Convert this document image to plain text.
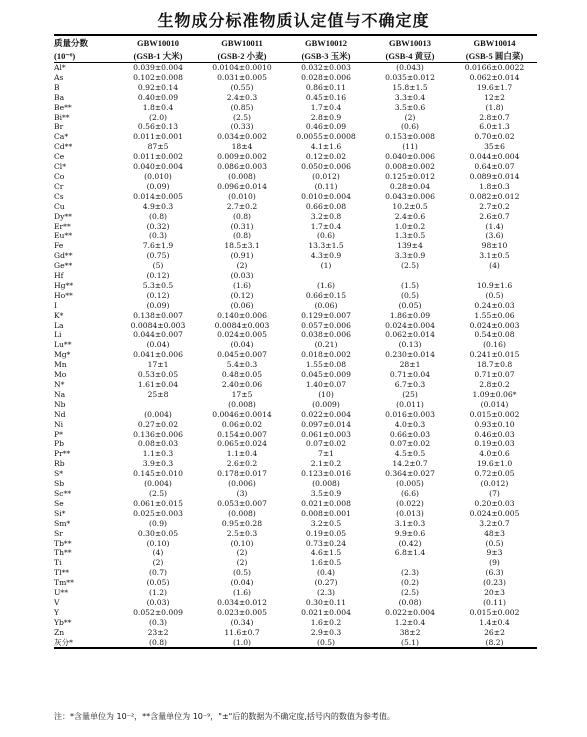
生物成分标准物质认定值与不确定度
质量分数	GBW10010	GBW10011	GBW10012	GBW10013	GBW10014
(10⁻⁶)	(GSB-1 大米)	(GSB-2 小麦)	(GSB-3 玉米)	(GSB-4 黄豆)	(GSB-5 圆白菜)
Al*	0.039±0.004	0.0104±0.0010	0.032±0.003	(0.043)	0.0166±0.0022
As	0.102±0.008	0.031±0.005	0.028±0.006	0.035±0.012	0.062±0.014
B	0.92±0.14	(0.55)	0.86±0.11	15.8±1.5	19.6±1.7
Ba	0.40±0.09	2.4±0.3	0.45±0.16	3.3±0.4	12±2
Be**	1.8±0.4	(0.85)	1.7±0.4	3.5±0.6	(1.8)
Bi**	(2.0)	(2.5)	2.8±0.9	(2)	2.8±0.7
Br	0.56±0.13	(0.33)	0.46±0.09	(0.6)	6.0±1.3
Ca*	0.011±0.001	0.034±0.002	0.0055±0.0008	0.153±0.008	0.70±0.02
Cd**	87±5	18±4	4.1±1.6	(11)	35±6
Ce	0.011±0.002	0.009±0.002	0.12±0.02	0.040±0.006	0.044±0.004
Cl*	0.040±0.004	0.086±0.003	0.050±0.006	0.008±0.002	0.64±0.07
Co	(0.010)	(0.008)	(0.012)	0.125±0.012	0.089±0.014
Cr	(0.09)	0.096±0.014	(0.11)	0.28±0.04	1.8±0.3
Cs	0.014±0.005	(0.010)	0.010±0.004	0.043±0.006	0.082±0.012
Cu	4.9±0.3	2.7±0.2	0.66±0.08	10.2±0.5	2.7±0.2
Dy**	(0.8)	(0.8)	3.2±0.8	2.4±0.6	2.6±0.7
Er**	(0.32)	(0.31)	1.7±0.4	1.0±0.2	(1.4)
Eu**	(0.3)	(0.8)	(0.6)	1.3±0.5	(3.6)
Fe	7.6±1.9	18.5±3.1	13.3±1.5	139±4	98±10
Gd**	(0.75)	(0.91)	4.3±0.9	3.3±0.9	3.1±0.5
Ge**	(5)	(2)	(1)	(2.5)	(4)
Hf	(0.12)	(0.03)			
Hg**	5.3±0.5	(1.6)	(1.6)	(1.5)	10.9±1.6
Ho**	(0.12)	(0.12)	0.66±0.15	(0.5)	(0.5)
I	(0.09)	(0.06)	(0.06)	(0.05)	0.24±0.03
K*	0.138±0.007	0.140±0.006	0.129±0.007	1.86±0.09	1.55±0.06
La	0.0084±0.003	0.0084±0.003	0.057±0.006	0.024±0.004	0.024±0.003
Li	0.044±0.007	0.024±0.005	0.038±0.006	0.062±0.014	0.54±0.08
Lu**	(0.04)	(0.04)	(0.21)	(0.13)	(0.16)
Mg*	0.041±0.006	0.045±0.007	0.018±0.002	0.230±0.014	0.241±0.015
Mn	17±1	5.4±0.3	1.55±0.08	28±1	18.7±0.8
Mo	0.53±0.05	0.48±0.05	0.045±0.009	0.71±0.04	0.71±0.07
N*	1.61±0.04	2.40±0.06	1.40±0.07	6.7±0.3	2.8±0.2
Na	25±8	17±5	(10)	(25)	1.09±0.06*
Nb		(0.008)	(0.009)	(0.011)	(0.014)
Nd	(0.004)	0.0046±0.0014	0.022±0.004	0.016±0.003	0.015±0.002
Ni	0.27±0.02	0.06±0.02	0.097±0.014	4.0±0.3	0.93±0.10
P*	0.136±0.006	0.154±0.007	0.061±0.003	0.66±0.03	0.46±0.03
Pb	0.08±0.03	0.065±0.024	0.07±0.02	0.07±0.02	0.19±0.03
Pr**	1.1±0.3	1.1±0.4	7±1	4.5±0.5	4.0±0.6
Rb	3.9±0.3	2.6±0.2	2.1±0.2	14.2±0.7	19.6±1.0
S*	0.145±0.010	0.178±0.017	0.123±0.016	0.364±0.027	0.72±0.05
Sb	(0.004)	(0.006)	(0.008)	(0.005)	(0.012)
Sc**	(2.5)	(3)	3.5±0.9	(6.6)	(7)
Se	0.061±0.015	0.053±0.007	0.021±0.008	(0.022)	0.20±0.03
Si*	0.025±0.003	(0.008)	0.008±0.001	(0.013)	0.024±0.005
Sm*	(0.9)	0.95±0.28	3.2±0.5	3.1±0.3	3.2±0.7
Sr	0.30±0.05	2.5±0.3	0.19±0.05	9.9±0.6	48±3
Tb**	(0.10)	(0.10)	0.73±0.24	(0.42)	(0.5)
Th**	(4)	(2)	4.6±1.5	6.8±1.4	9±3
Ti	(2)	(2)	1.6±0.5		(9)
Tl**	(0.7)	(0.5)	(0.4)	(2.3)	(6.3)
Tm**	(0.05)	(0.04)	(0.27)	(0.2)	(0.23)
U**	(1.2)	(1.6)	(2.3)	(2.5)	20±3
V	(0.03)	0.034±0.012	0.30±0.11	(0.08)	(0.11)
Y	0.052±0.009	0.023±0.005	0.021±0.004	0.022±0.004	0.015±0.002
Yb**	(0.3)	(0.34)	1.6±0.2	1.2±0.4	1.4±0.4
Zn	23±2	11.6±0.7	2.9±0.3	38±2	26±2
灰分*	(0.8)	(1.0)	(0.5)	(5.1)	(8.2)
注：*含量单位为 10⁻²，**含量单位为 10⁻⁹，"±"后的数据为不确定度,括号内的数值为参考值。
